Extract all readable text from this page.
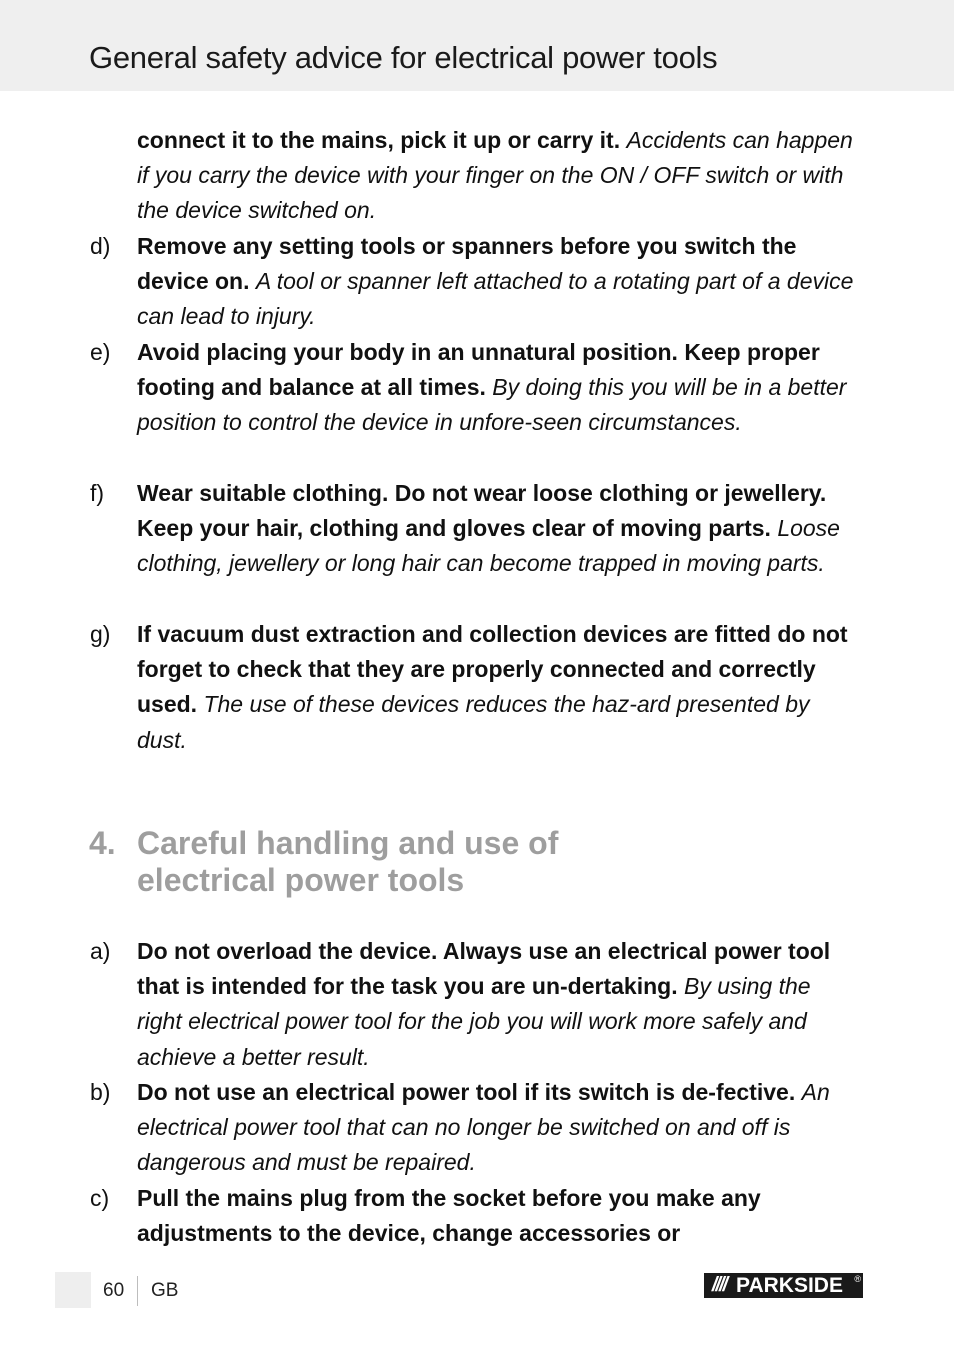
General safety advice for electrical power tools
connect it to the mains, pick it up or carry it. Accidents can happen if you carry the device with your finger on the ON / OFF switch or with the device switched on.
d) Remove any setting tools or spanners before you switch the device on. A tool or spanner left attached to a rotating part of a device can lead to injury.
e) Avoid placing your body in an unnatural position. Keep proper footing and balance at all times. By doing this you will be in a better position to control the device in unfore-seen circumstances.
f) Wear suitable clothing. Do not wear loose clothing or jewellery. Keep your hair, clothing and gloves clear of moving parts. Loose clothing, jewellery or long hair can become trapped in moving parts.
g) If vacuum dust extraction and collection devices are fitted do not forget to check that they are properly connected and correctly used. The use of these devices reduces the haz-ard presented by dust.
4. Careful handling and use of
electrical power tools
a) Do not overload the device. Always use an electrical power tool that is intended for the task you are un-dertaking. By using the right electrical power tool for the job you will work more safely and achieve a better result.
b) Do not use an electrical power tool if its switch is de-fective. An electrical power tool that can no longer be switched on and off is dangerous and must be repaired.
c) Pull the mains plug from the socket before you make any adjustments to the device, change accessories or
60 GB	//// PARKSIDE ®
